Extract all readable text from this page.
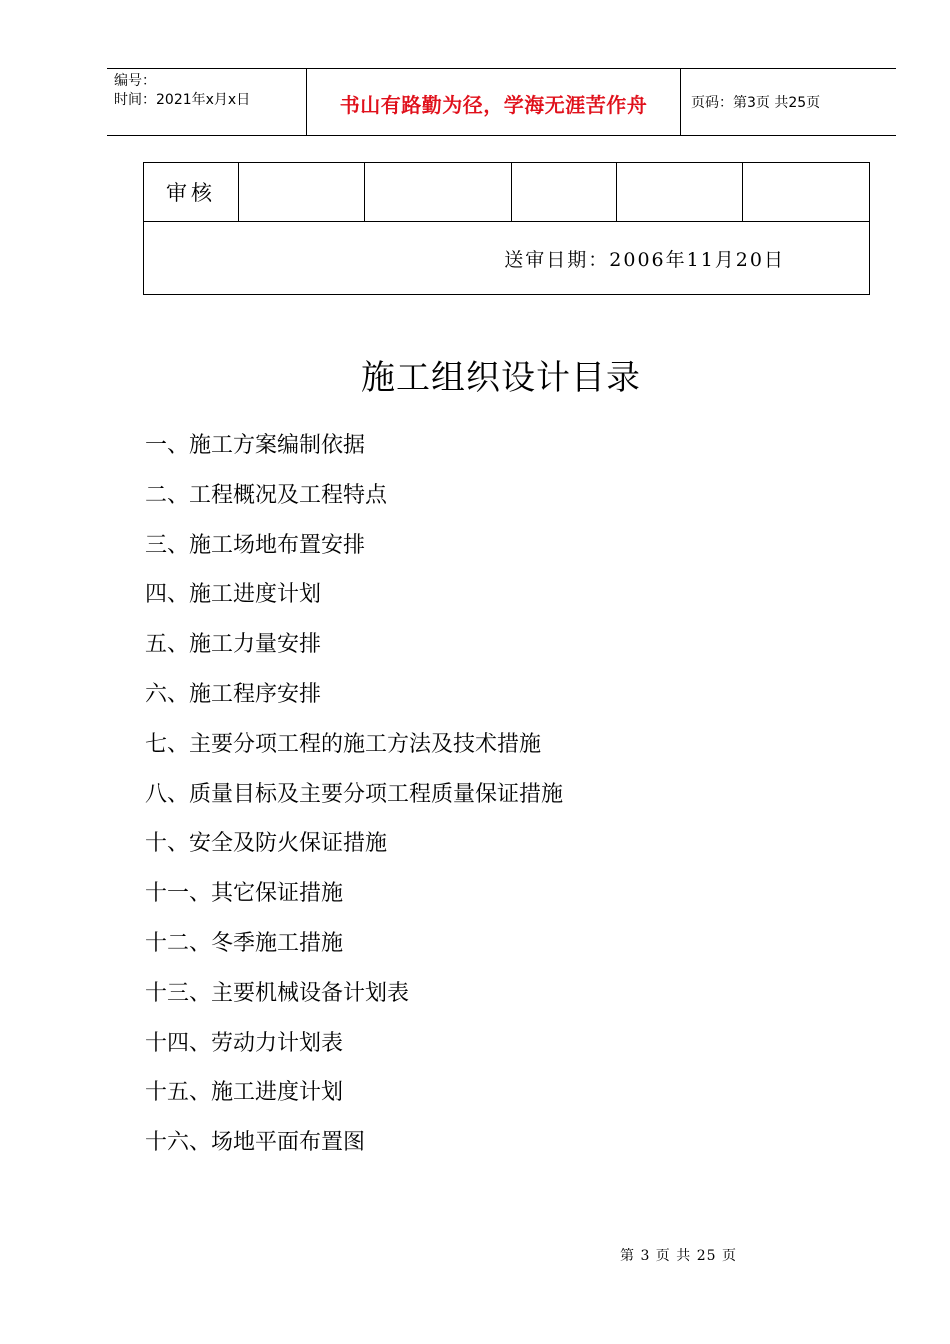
编号：
时间：2021年x月x日	书山有路勤为径，学海无涯苦作舟	页码：第3页 共25页
审核					
送审日期：2006年11月20日
施工组织设计目录
一、施工方案编制依据
二、工程概况及工程特点
三、施工场地布置安排
四、施工进度计划
五、施工力量安排
六、施工程序安排
七、主要分项工程的施工方法及技术措施
八、质量目标及主要分项工程质量保证措施
十、安全及防火保证措施
十一、其它保证措施
十二、冬季施工措施
十三、主要机械设备计划表
十四、劳动力计划表
十五、施工进度计划
十六、场地平面布置图
第 3 页 共 25 页
